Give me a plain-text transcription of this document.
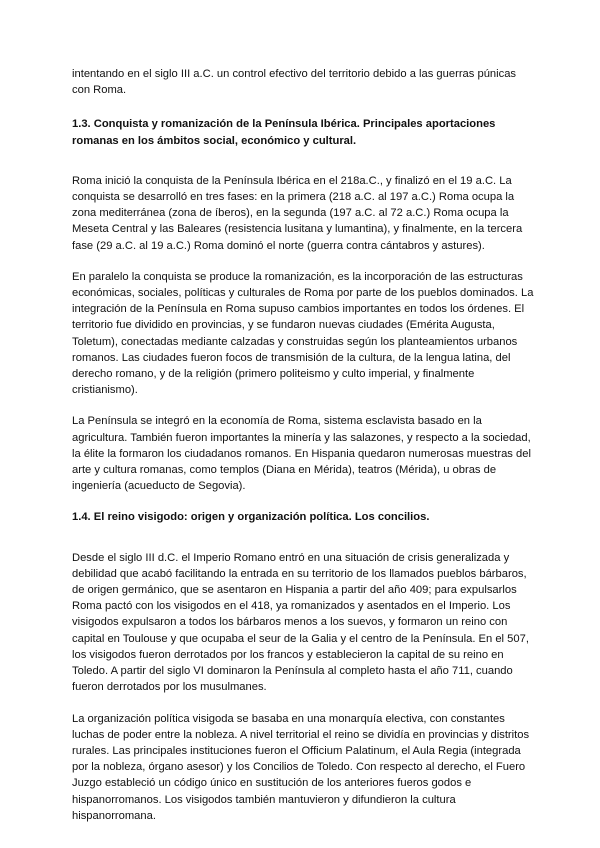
intentando en el siglo III a.C. un control efectivo del territorio debido a las guerras púnicas con Roma.

1.3. Conquista y romanización de la Península Ibérica. Principales aportaciones romanas en los ámbitos social, económico y cultural.

Roma inició la conquista de la Península Ibérica en el 218a.C., y finalizó en el 19 a.C. La conquista se desarrolló en tres fases: en la primera (218 a.C. al 197 a.C.) Roma ocupa la zona mediterránea (zona de íberos), en la segunda (197 a.C. al 72 a.C.) Roma ocupa la Meseta Central y las Baleares (resistencia lusitana y lumantina), y finalmente, en la tercera fase (29 a.C. al 19 a.C.) Roma dominó el norte (guerra contra cántabros y astures).

En paralelo la conquista se produce la romanización, es la incorporación de las estructuras económicas, sociales, políticas y culturales de Roma por parte de los pueblos dominados. La integración de la Península en Roma supuso cambios importantes en todos los órdenes. El territorio fue dividido en provincias, y se fundaron nuevas ciudades (Emérita Augusta, Toletum), conectadas mediante calzadas y construidas según los planteamientos urbanos romanos. Las ciudades fueron focos de transmisión de la cultura, de la lengua latina, del derecho romano, y de la religión (primero politeismo y culto imperial, y finalmente cristianismo).

La Península se integró en la economía de Roma, sistema esclavista basado en la agricultura. También fueron importantes la minería y las salazones, y respecto a la sociedad, la élite la formaron los ciudadanos romanos. En Hispania quedaron numerosas muestras del arte y cultura romanas, como templos (Diana en Mérida), teatros (Mérida), u obras de ingeniería (acueducto de Segovia).

1.4. El reino visigodo: origen y organización política. Los concilios.

Desde el siglo III d.C. el Imperio Romano entró en una situación de crisis generalizada y debilidad que acabó facilitando la entrada en su territorio de los llamados pueblos bárbaros, de origen germánico, que se asentaron en Hispania a partir del año 409; para expulsarlos Roma pactó con los visigodos en el 418, ya romanizados y asentados en el Imperio. Los visigodos expulsaron a todos los bárbaros menos a los suevos, y formaron un reino con capital en Toulouse y que ocupaba el seur de la Galia y el centro de la Península. En el 507, los visigodos fueron derrotados por los francos y establecieron la capital de su reino en Toledo. A partir del siglo VI dominaron la Península al completo hasta el año 711, cuando fueron derrotados por los musulmanes.

La organización política visigoda se basaba en una monarquía electiva, con constantes luchas de poder entre la nobleza. A nivel territorial el reino se dividía en provincias y distritos rurales. Las principales instituciones fueron el Officium Palatinum, el Aula Regia (integrada por la nobleza, órgano asesor) y los Concilios de Toledo. Con respecto al derecho, el Fuero Juzgo estableció un código único en sustitución de los anteriores fueros godos e hispanorromanos. Los visigodos también mantuvieron y difundieron la cultura hispanorromana.
